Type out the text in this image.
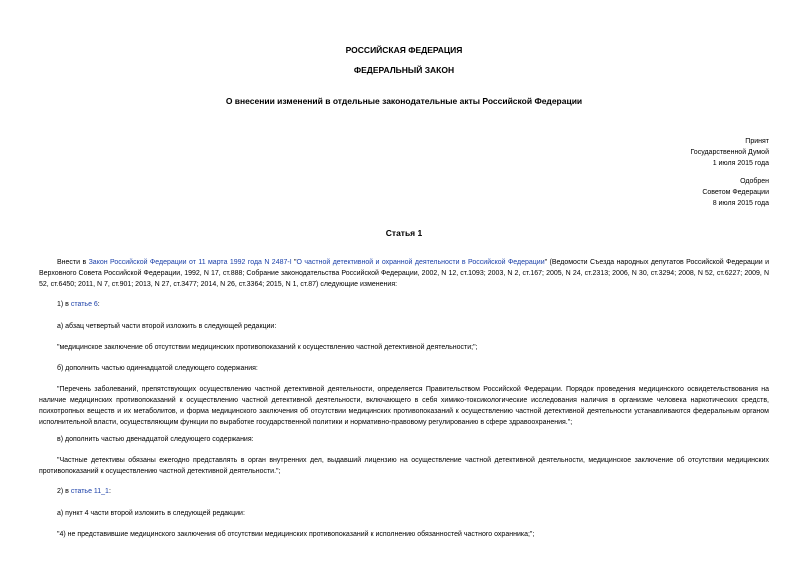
РОССИЙСКАЯ ФЕДЕРАЦИЯ
ФЕДЕРАЛЬНЫЙ ЗАКОН
О внесении изменений в отдельные законодательные акты Российской Федерации
Принят
Государственной Думой
1 июля 2015 года
Одобрен
Советом Федерации
8 июля 2015 года
Статья 1
Внести в Закон Российской Федерации от 11 марта 1992 года N 2487-I "О частной детективной и охранной деятельности в Российской Федерации" (Ведомости Съезда народных депутатов Российской Федерации и Верховного Совета Российской Федерации, 1992, N 17, ст.888; Собрание законодательства Российской Федерации, 2002, N 12, ст.1093; 2003, N 2, ст.167; 2005, N 24, ст.2313; 2006, N 30, ст.3294; 2008, N 52, ст.6227; 2009, N 52, ст.6450; 2011, N 7, ст.901; 2013, N 27, ст.3477; 2014, N 26, ст.3364; 2015, N 1, ст.87) следующие изменения:
1) в статье 6:
а) абзац четвертый части второй изложить в следующей редакции:
"медицинское заключение об отсутствии медицинских противопоказаний к осуществлению частной детективной деятельности;";
б) дополнить частью одиннадцатой следующего содержания:
"Перечень заболеваний, препятствующих осуществлению частной детективной деятельности, определяется Правительством Российской Федерации. Порядок проведения медицинского освидетельствования на наличие медицинских противопоказаний к осуществлению частной детективной деятельности, включающего в себя химико-токсикологические исследования наличия в организме человека наркотических средств, психотропных веществ и их метаболитов, и форма медицинского заключения об отсутствии медицинских противопоказаний к осуществлению частной детективной деятельности устанавливаются федеральным органом исполнительной власти, осуществляющим функции по выработке государственной политики и нормативно-правовому регулированию в сфере здравоохранения.";
в) дополнить частью двенадцатой следующего содержания:
"Частные детективы обязаны ежегодно представлять в орган внутренних дел, выдавший лицензию на осуществление частной детективной деятельности, медицинское заключение об отсутствии медицинских противопоказаний к осуществлению частной детективной деятельности.";
2) в статье 11_1:
а) пункт 4 части второй изложить в следующей редакции:
"4) не представившие медицинского заключения об отсутствии медицинских противопоказаний к исполнению обязанностей частного охранника;";
